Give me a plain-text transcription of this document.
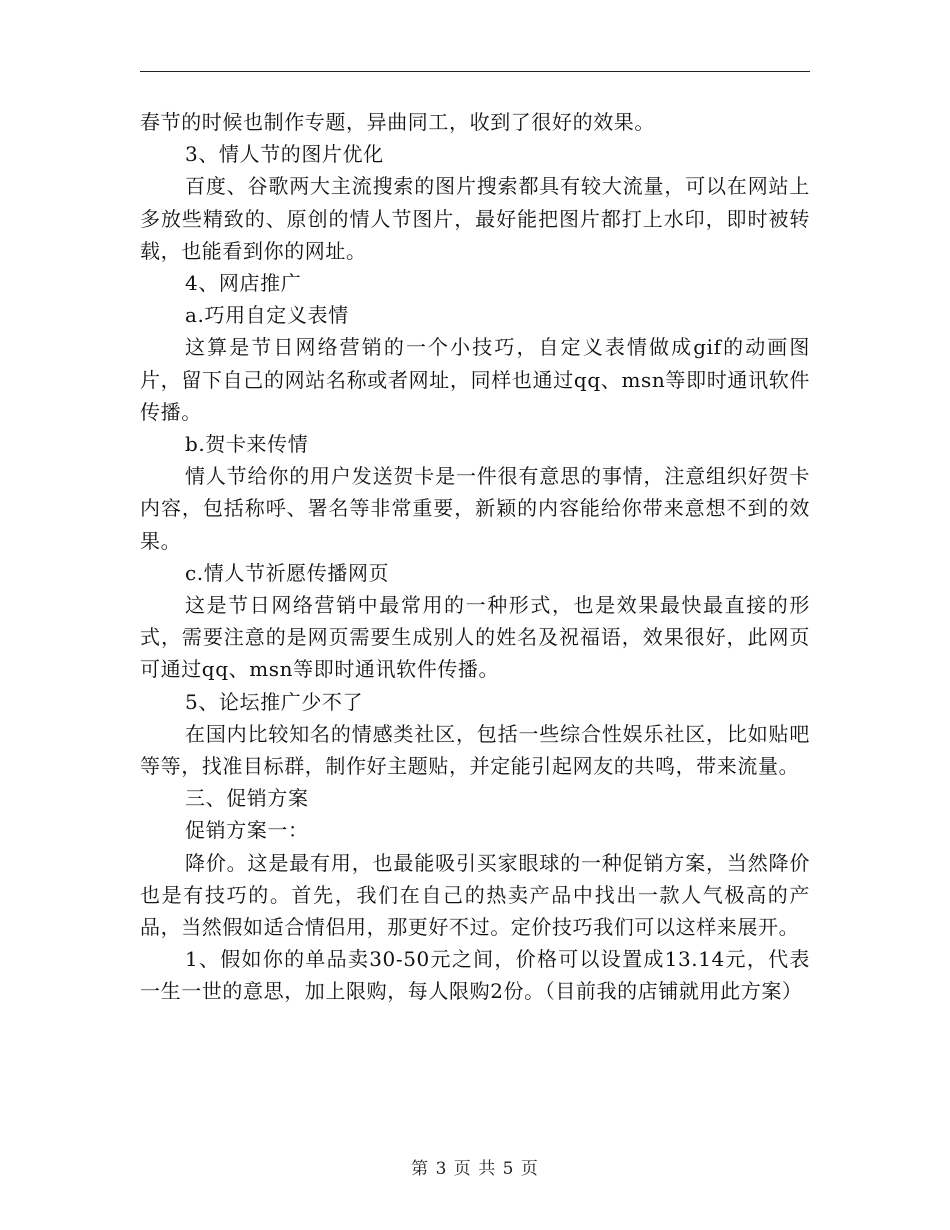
春节的时候也制作专题，异曲同工，收到了很好的效果。

3、情人节的图片优化

百度、谷歌两大主流搜索的图片搜索都具有较大流量，可以在网站上多放些精致的、原创的情人节图片，最好能把图片都打上水印，即时被转载，也能看到你的网址。

4、网店推广

a.巧用自定义表情

这算是节日网络营销的一个小技巧，自定义表情做成gif的动画图片，留下自己的网站名称或者网址，同样也通过qq、msn等即时通讯软件传播。

b.贺卡来传情

情人节给你的用户发送贺卡是一件很有意思的事情，注意组织好贺卡内容，包括称呼、署名等非常重要，新颖的内容能给你带来意想不到的效果。

c.情人节祈愿传播网页

这是节日网络营销中最常用的一种形式，也是效果最快最直接的形式，需要注意的是网页需要生成别人的姓名及祝福语，效果很好，此网页可通过qq、msn等即时通讯软件传播。

5、论坛推广少不了

在国内比较知名的情感类社区，包括一些综合性娱乐社区，比如贴吧等等，找准目标群，制作好主题贴，并定能引起网友的共鸣，带来流量。

三、促销方案

促销方案一：

降价。这是最有用，也最能吸引买家眼球的一种促销方案，当然降价也是有技巧的。首先，我们在自己的热卖产品中找出一款人气极高的产品，当然假如适合情侣用，那更好不过。定价技巧我们可以这样来展开。

1、假如你的单品卖30-50元之间，价格可以设置成13.14元，代表一生一世的意思，加上限购，每人限购2份。（目前我的店铺就用此方案）

第 3 页 共 5 页
